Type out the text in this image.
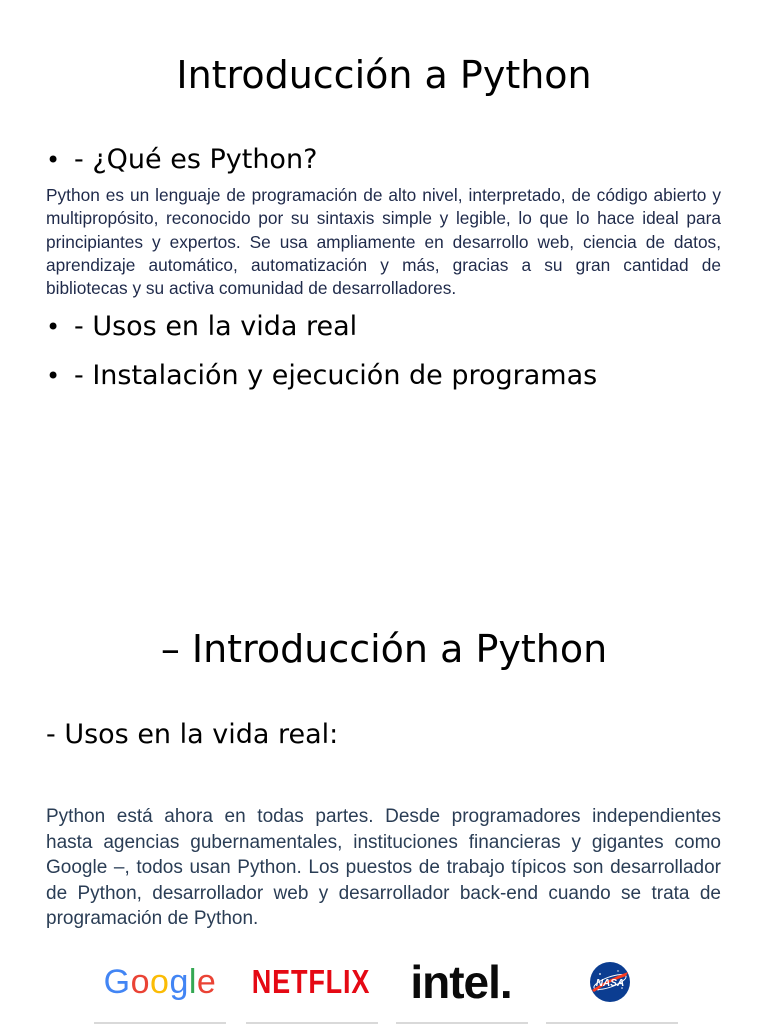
Introducción a Python
• - ¿Qué es Python?

Python es un lenguaje de programación de alto nivel, interpretado, de código abierto y multipropósito, reconocido por su sintaxis simple y legible, lo que lo hace ideal para principiantes y expertos. Se usa ampliamente en desarrollo web, ciencia de datos, aprendizaje automático, automatización y más, gracias a su gran cantidad de bibliotecas y su activa comunidad de desarrolladores.

• - Usos en la vida real
• - Instalación y ejecución de programas
– Introducción a Python
- Usos en la vida real:

Python está ahora en todas partes. Desde programadores independientes hasta agencias gubernamentales, instituciones financieras y gigantes como Google –, todos usan Python. Los puestos de trabajo típicos son desarrollador de Python, desarrollador web y desarrollador back-end cuando se trata de programación de Python.

G o o g l e NETFLIX intel.	NASA
